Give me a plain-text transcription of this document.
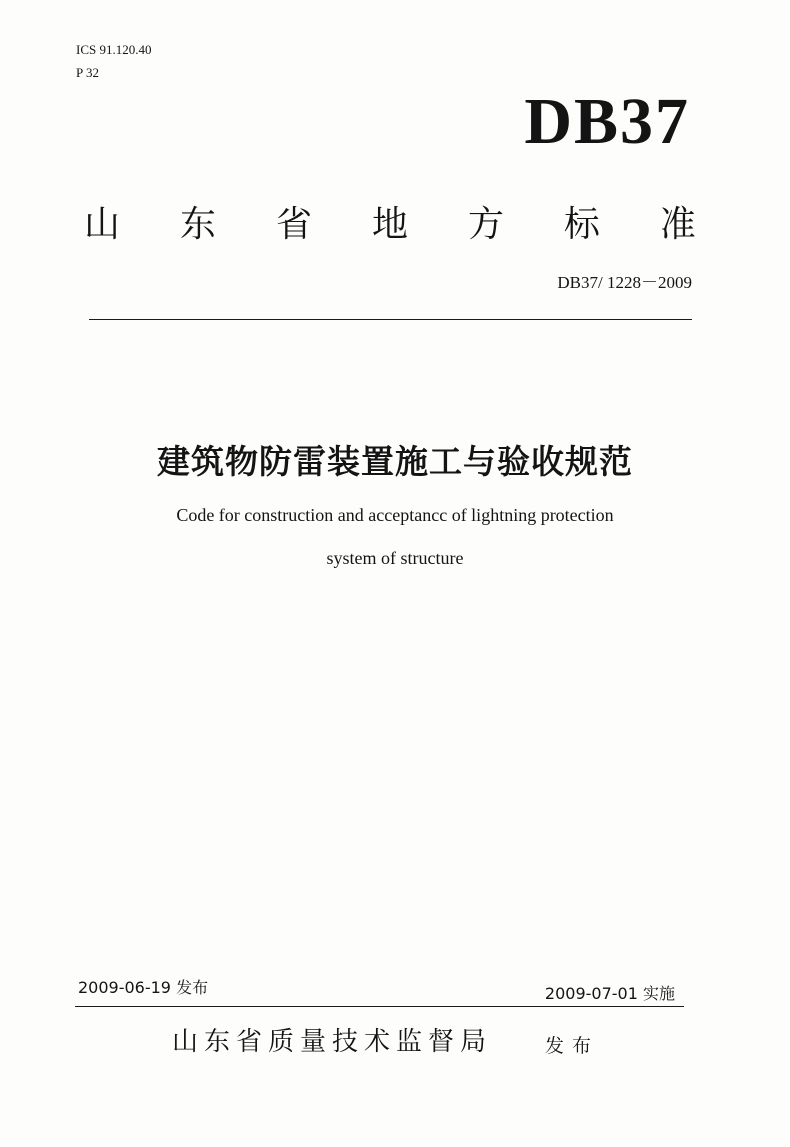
ICS 91.120.40
P 32
DB37
山 东 省 地 方 标 准
DB37/ 1228－2009
建筑物防雷装置施工与验收规范
Code for construction and acceptancc of lightning protection
system of structure
2009-06-19 发布	2009-07-01 实施
山东省质量技术监督局	发布
